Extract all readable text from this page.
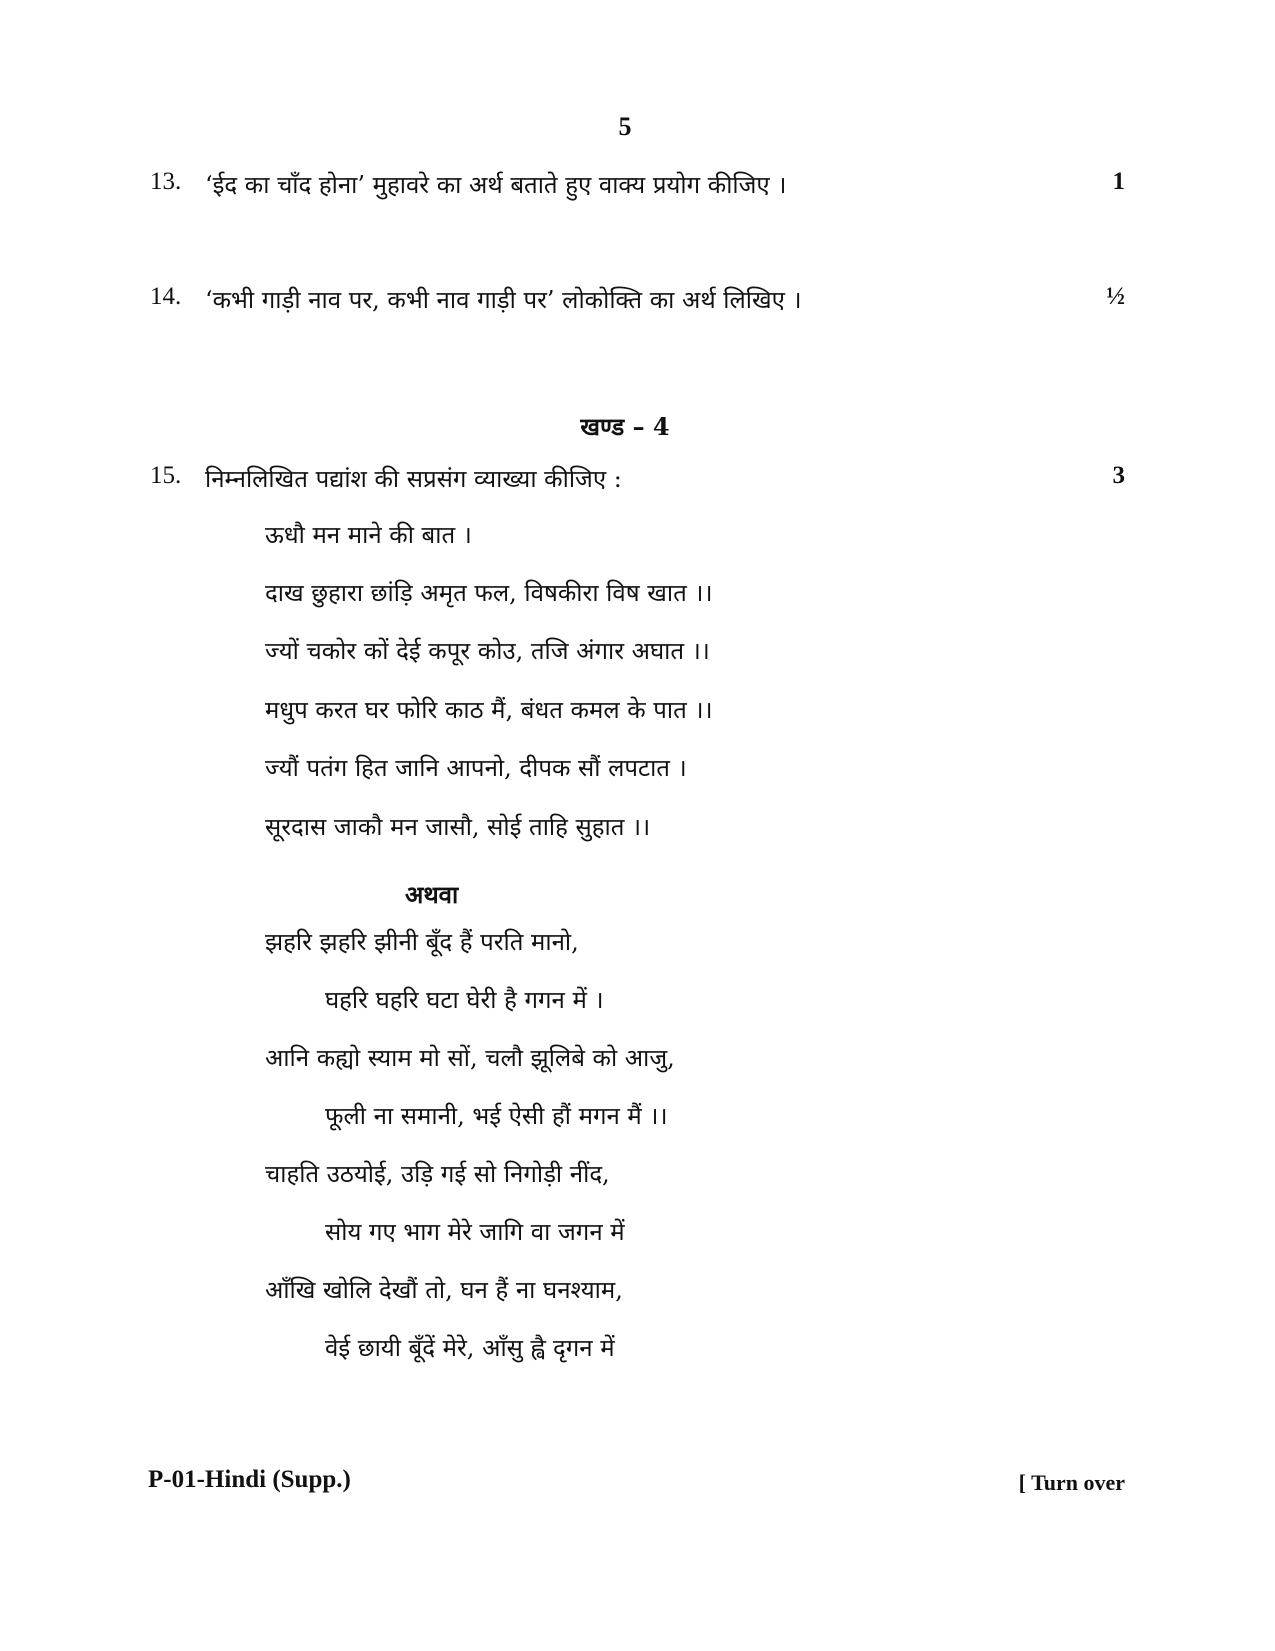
5
13. ‘ईद का चाँद होना’ मुहावरे का अर्थ बताते हुए वाक्य प्रयोग कीजिए ।	1
14. ‘कभी गाड़ी नाव पर, कभी नाव गाड़ी पर’ लोकोक्ति का अर्थ लिखिए ।	½
खण्ड – 4
15. निम्नलिखित पद्यांश की सप्रसंग व्याख्या कीजिए :	3
ऊधौ मन माने की बात ।
दाख छुहारा छांड़ि अमृत फल, विषकीरा विष खात ।।
ज्यों चकोर कों देई कपूर कोउ, तजि अंगार अघात ।।
मधुप करत घर फोरि काठ मैं, बंधत कमल के पात ।।
ज्यौं पतंग हित जानि आपनो, दीपक सौं लपटात ।
सूरदास जाकौ मन जासौ, सोई ताहि सुहात ।।
अथवा
झहरि झहरि झीनी बूँद हैं परति मानो,
घहरि घहरि घटा घेरी है गगन में ।
आनि कह्यो स्याम मो सों, चलौ झूलिबे को आजु,
फूली ना समानी, भई ऐसी हौं मगन मैं ।।
चाहति उठयोई, उड़ि गई सो निगोड़ी नींद,
सोय गए भाग मेरे जागि वा जगन में
आँखि खोलि देखौं तो, घन हैं ना घनश्याम,
वेई छायी बूँदें मेरे, आँसु ह्वै दृगन में
P-01-Hindi (Supp.)	[ Turn over
